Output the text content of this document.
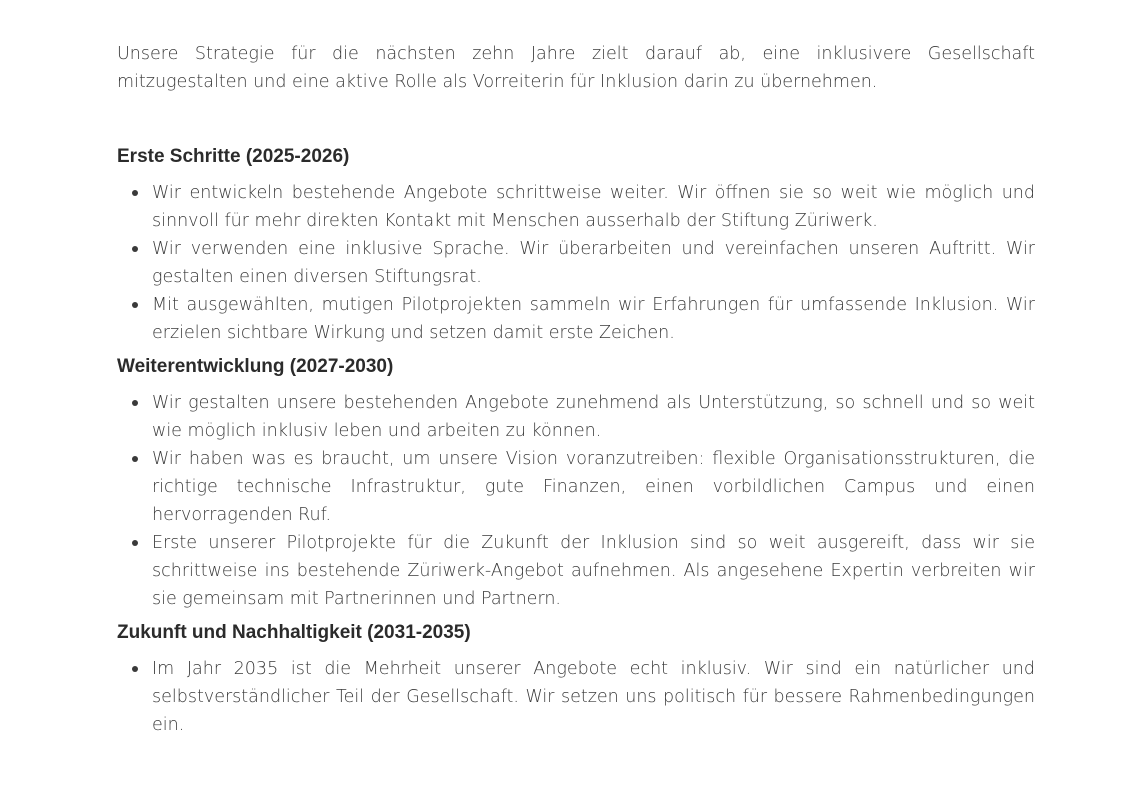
Unsere Strategie für die nächsten zehn Jahre zielt darauf ab, eine inklusivere Gesellschaft mitzugestalten und eine aktive Rolle als Vorreiterin für Inklusion darin zu übernehmen.

Erste Schritte (2025-2026)
Wir entwickeln bestehende Angebote schrittweise weiter. Wir öffnen sie so weit wie möglich und sinnvoll für mehr direkten Kontakt mit Menschen ausserhalb der Stiftung Züriwerk.
Wir verwenden eine inklusive Sprache. Wir überarbeiten und vereinfachen unseren Auftritt. Wir gestalten einen diversen Stiftungsrat.
Mit ausgewählten, mutigen Pilotprojekten sammeln wir Erfahrungen für umfassende Inklusion. Wir erzielen sichtbare Wirkung und setzen damit erste Zeichen.
Weiterentwicklung (2027-2030)
Wir gestalten unsere bestehenden Angebote zunehmend als Unterstützung, so schnell und so weit wie möglich inklusiv leben und arbeiten zu können.
Wir haben was es braucht, um unsere Vision voranzutreiben: flexible Organisationsstrukturen, die richtige technische Infrastruktur, gute Finanzen, einen vorbildlichen Campus und einen hervorragenden Ruf.
Erste unserer Pilotprojekte für die Zukunft der Inklusion sind so weit ausgereift, dass wir sie schrittweise ins bestehende Züriwerk-Angebot aufnehmen. Als angesehene Expertin verbreiten wir sie gemeinsam mit Partnerinnen und Partnern.
Zukunft und Nachhaltigkeit (2031-2035)
Im Jahr 2035 ist die Mehrheit unserer Angebote echt inklusiv. Wir sind ein natürlicher und selbstverständlicher Teil der Gesellschaft. Wir setzen uns politisch für bessere Rahmenbedingungen ein.
